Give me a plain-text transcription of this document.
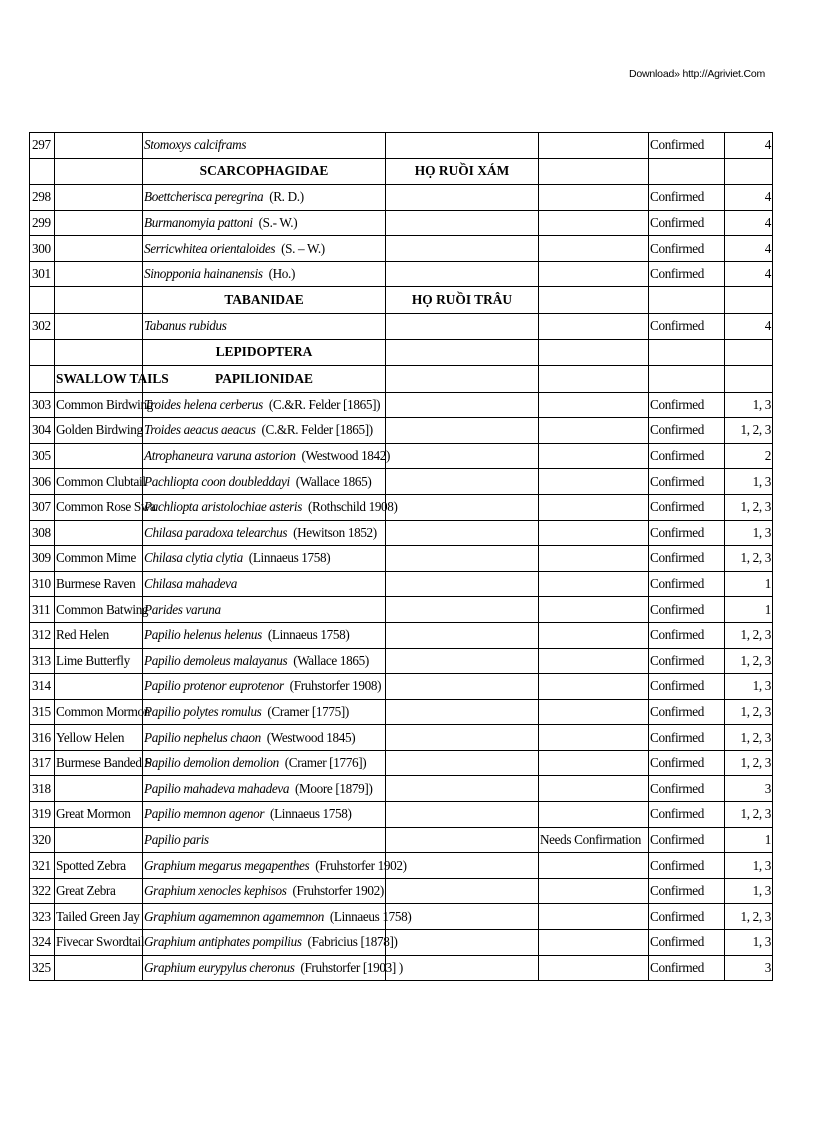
Download» http://Agriviet.Com
297		Stomoxys calciframs			Confirmed	4
		SCARCOPHAGIDAE	HỌ RUỒI XÁM			
298		Boettcherisca peregrina (R. D.)			Confirmed	4
299		Burmanomyia pattoni (S.- W.)			Confirmed	4
300		Serricwhitea orientaloides (S. – W.)			Confirmed	4
301		Sinopponia hainanensis (Ho.)			Confirmed	4
		TABANIDAE	HỌ RUỒI TRÂU			
302		Tabanus rubidus			Confirmed	4
		LEPIDOPTERA				
	SWALLOW TAILS	PAPILIONIDAE				
303	Common Birdwing	Troides helena cerberus (C.&R. Felder [1865])			Confirmed	1, 3
304	Golden Birdwing	Troides aeacus aeacus (C.&R. Felder [1865])			Confirmed	1, 2, 3
305		Atrophaneura varuna astorion (Westwood 1842)			Confirmed	2
306	Common Clubtail	Pachliopta coon doubleddayi (Wallace 1865)			Confirmed	1, 3
307	Common Rose Swa	Pachliopta aristolochiae asteris (Rothschild 1908)			Confirmed	1, 2, 3
308		Chilasa paradoxa telearchus (Hewitson 1852)			Confirmed	1, 3
309	Common Mime	Chilasa clytia clytia (Linnaeus 1758)			Confirmed	1, 2, 3
310	Burmese Raven	Chilasa mahadeva			Confirmed	1
311	Common Batwing	Parides varuna			Confirmed	1
312	Red Helen	Papilio helenus helenus (Linnaeus 1758)			Confirmed	1, 2, 3
313	Lime Butterfly	Papilio demoleus malayanus (Wallace 1865)			Confirmed	1, 2, 3
314		Papilio protenor euprotenor (Fruhstorfer 1908)			Confirmed	1, 3
315	Common Mormon	Papilio polytes romulus (Cramer [1775])			Confirmed	1, 2, 3
316	Yellow Helen	Papilio nephelus chaon (Westwood 1845)			Confirmed	1, 2, 3
317	Burmese Banded S	Papilio demolion demolion (Cramer [1776])			Confirmed	1, 2, 3
318		Papilio mahadeva mahadeva (Moore [1879])			Confirmed	3
319	Great Mormon	Papilio memnon agenor (Linnaeus 1758)			Confirmed	1, 2, 3
320		Papilio paris		Needs Confirmation	Confirmed	1
321	Spotted Zebra	Graphium megarus megapenthes (Fruhstorfer 1902)			Confirmed	1, 3
322	Great Zebra	Graphium xenocles kephisos (Fruhstorfer 1902)			Confirmed	1, 3
323	Tailed Green Jay	Graphium agamemnon agamemnon (Linnaeus 1758)			Confirmed	1, 2, 3
324	Fivecar Swordtail	Graphium antiphates pompilius (Fabricius [1878])			Confirmed	1, 3
325		Graphium eurypylus cheronus (Fruhstorfer [1903] )			Confirmed	3
